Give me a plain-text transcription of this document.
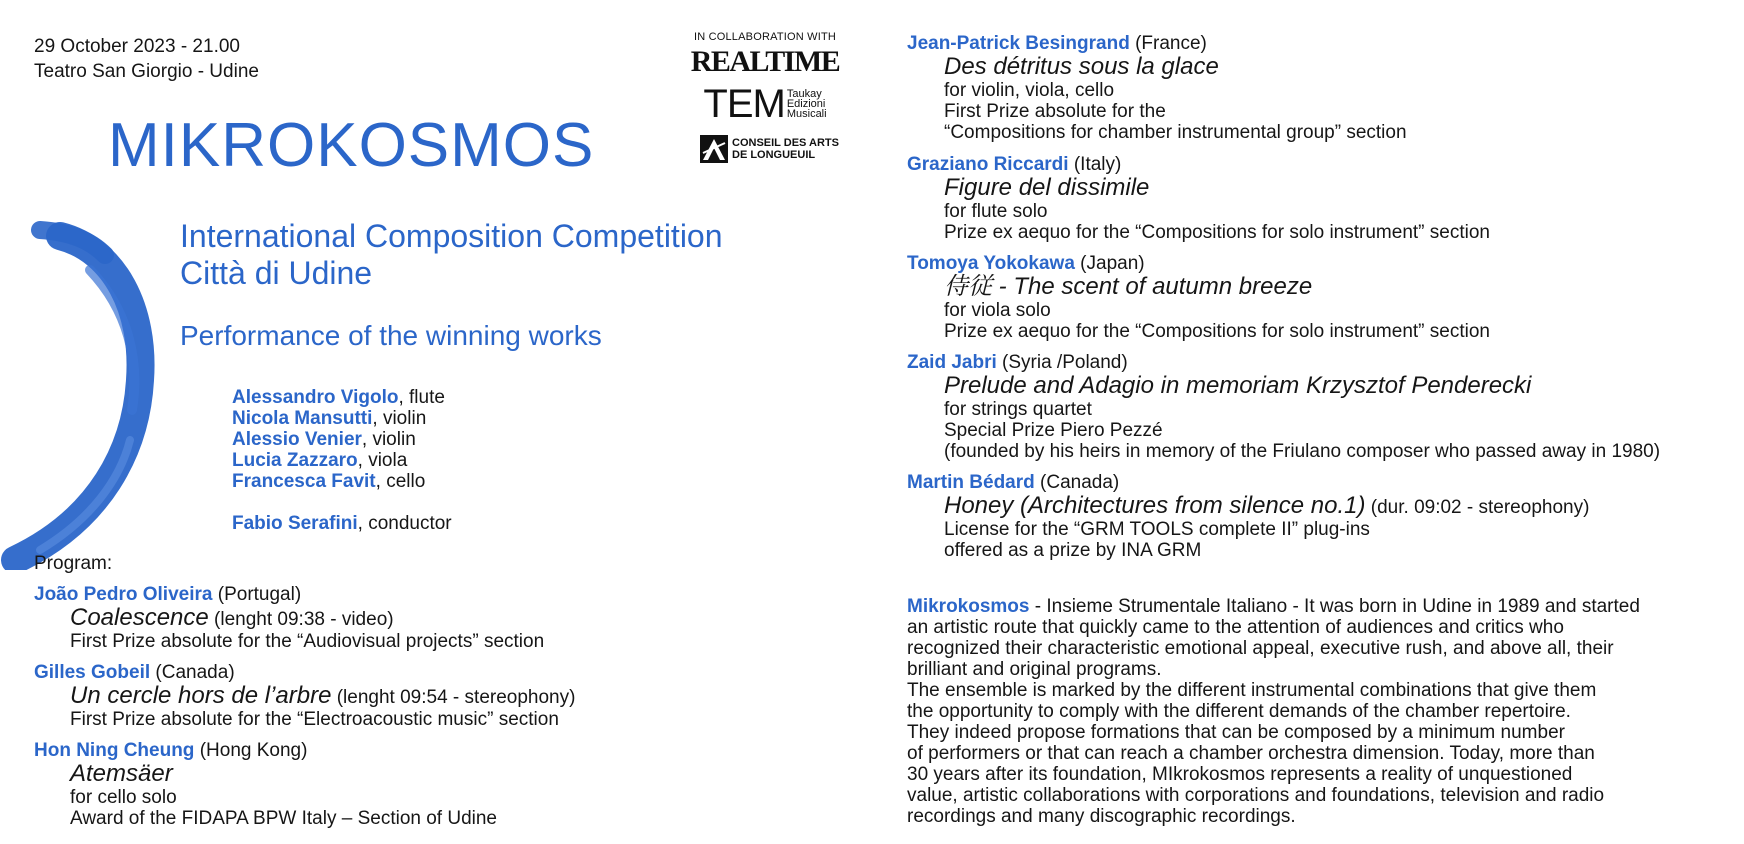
29 October 2023 - 21.00
Teatro San Giorgio - Udine
MIKROKOSMOS
International Composition Competition
Città di Udine
Performance of the winning works
IN COLLABORATION WITH
REALTIME
TEM Taukay
Edizioni
Musicali
CONSEIL DES ARTS
DE LONGUEUIL
Alessandro Vigolo, flute
Nicola Mansutti, violin
Alessio Venier, violin
Lucia Zazzaro, viola
Francesca Favit, cello
Fabio Serafini, conductor
Program:
João Pedro Oliveira (Portugal)
Coalescence (lenght 09:38 - video)
First Prize absolute for the “Audiovisual projects” section
Gilles Gobeil (Canada)
Un cercle hors de l’arbre (lenght 09:54 - stereophony)
First Prize absolute for the “Electroacoustic music” section
Hon Ning Cheung (Hong Kong)
Atemsäer
for cello solo
Award of the FIDAPA BPW Italy – Section of Udine
Jean-Patrick Besingrand (France)
Des détritus sous la glace
for violin, viola, cello
First Prize absolute for the
“Compositions for chamber instrumental group” section
Graziano Riccardi (Italy)
Figure del dissimile
for flute solo
Prize ex aequo for the “Compositions for solo instrument” section
Tomoya Yokokawa (Japan)
侍従 - The scent of autumn breeze
for viola solo
Prize ex aequo for the “Compositions for solo instrument” section
Zaid Jabri (Syria /Poland)
Prelude and Adagio in memoriam Krzysztof Penderecki
for strings quartet
Special Prize Piero Pezzé
(founded by his heirs in memory of the Friulano composer who passed away in 1980)
Martin Bédard (Canada)
Honey (Architectures from silence no.1) (dur. 09:02 - stereophony)
License for the “GRM TOOLS complete II” plug-ins
offered as a prize by INA GRM
Mikrokosmos - Insieme Strumentale Italiano - It was born in Udine in 1989 and started
an artistic route that quickly came to the attention of audiences and critics who
recognized their characteristic emotional appeal, executive rush, and above all, their
brilliant and original programs.
The ensemble is marked by the different instrumental combinations that give them
the opportunity to comply with the different demands of the chamber repertoire.
They indeed propose formations that can be composed by a minimum number
of performers or that can reach a chamber orchestra dimension. Today, more than
30 years after its foundation, MIkrokosmos represents a reality of unquestioned
value, artistic collaborations with corporations and foundations, television and radio
recordings and many discographic recordings.
